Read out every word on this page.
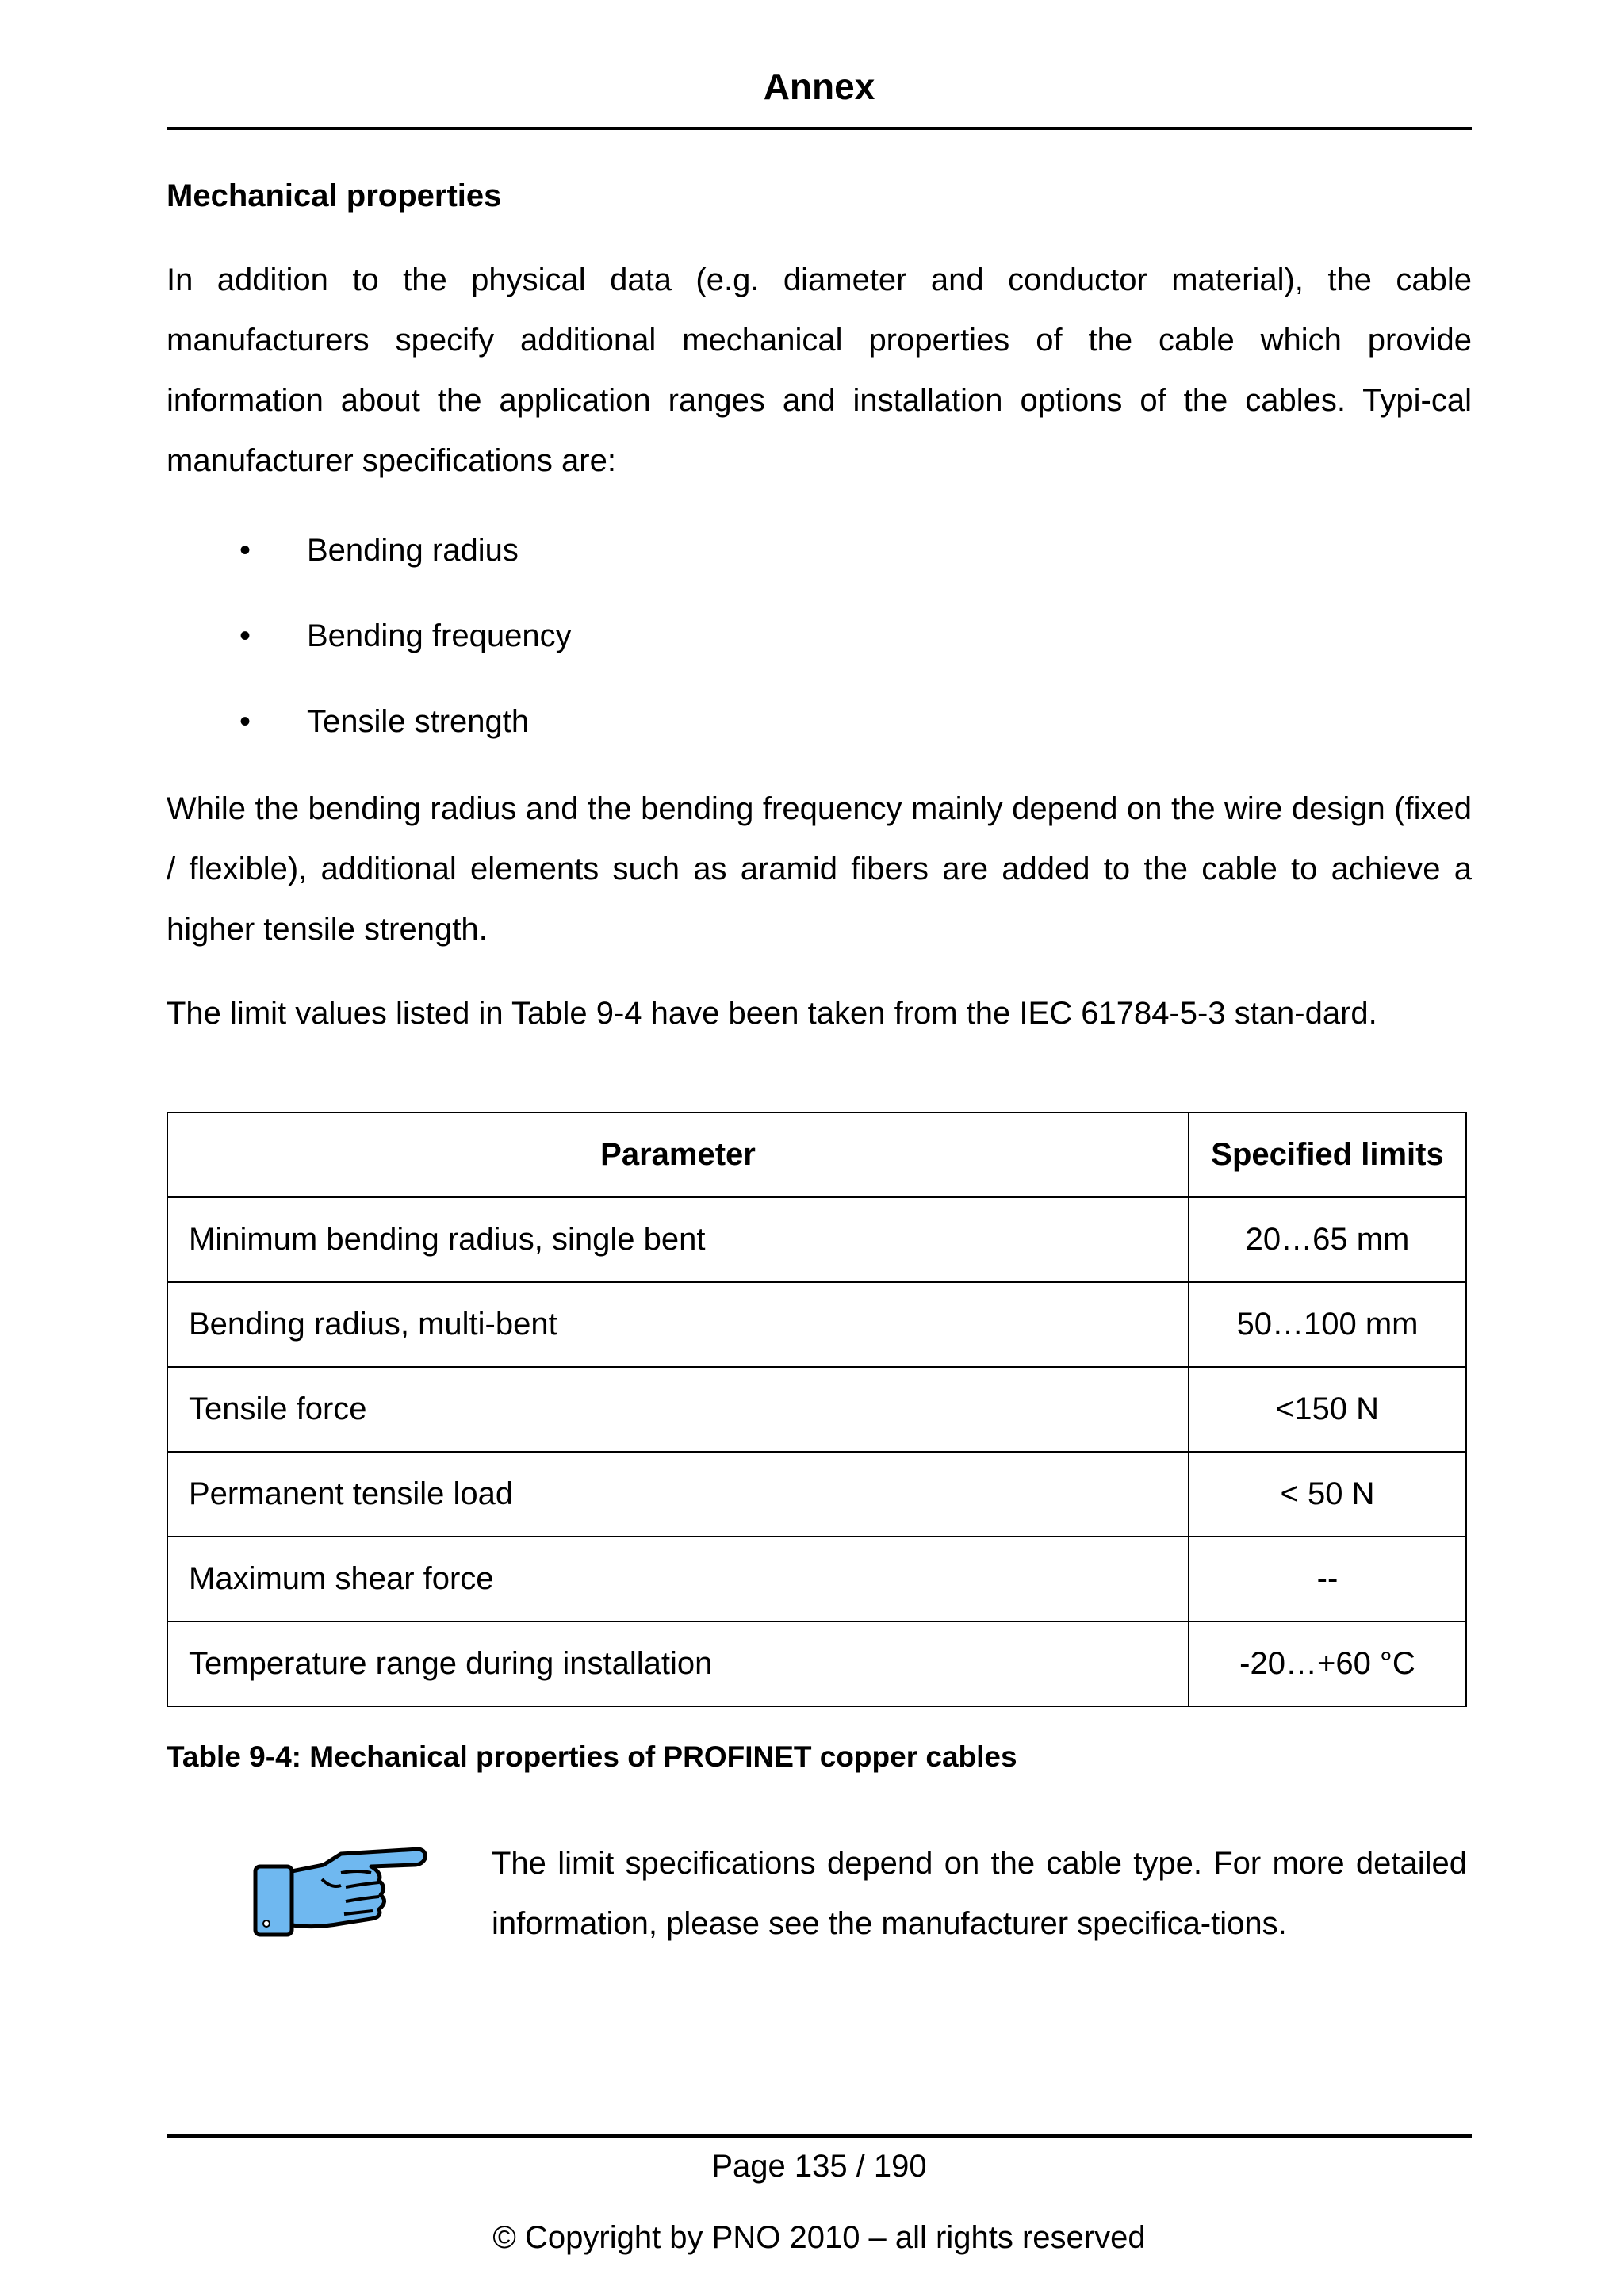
Annex
Mechanical properties
In addition to the physical data (e.g. diameter and conductor material), the cable manufacturers specify additional mechanical properties of the cable which provide information about the application ranges and installation options of the cables. Typi-cal manufacturer specifications are:
• Bending radius
• Bending frequency
• Tensile strength
While the bending radius and the bending frequency mainly depend on the wire design (fixed / flexible), additional elements such as aramid fibers are added to the cable to achieve a higher tensile strength.
The limit values listed in Table 9-4 have been taken from the IEC 61784-5-3 stan-dard.
Parameter	Specified limits
Minimum bending radius, single bent	20…65 mm
Bending radius, multi-bent	50…100 mm
Tensile force	<150 N
Permanent tensile load	< 50 N
Maximum shear force	--
Temperature range during installation	-20…+60 °C
Table 9-4: Mechanical properties of PROFINET copper cables
The limit specifications depend on the cable type. For more detailed information, please see the manufacturer specifica-tions.
Page 135 / 190
© Copyright by PNO 2010 – all rights reserved
